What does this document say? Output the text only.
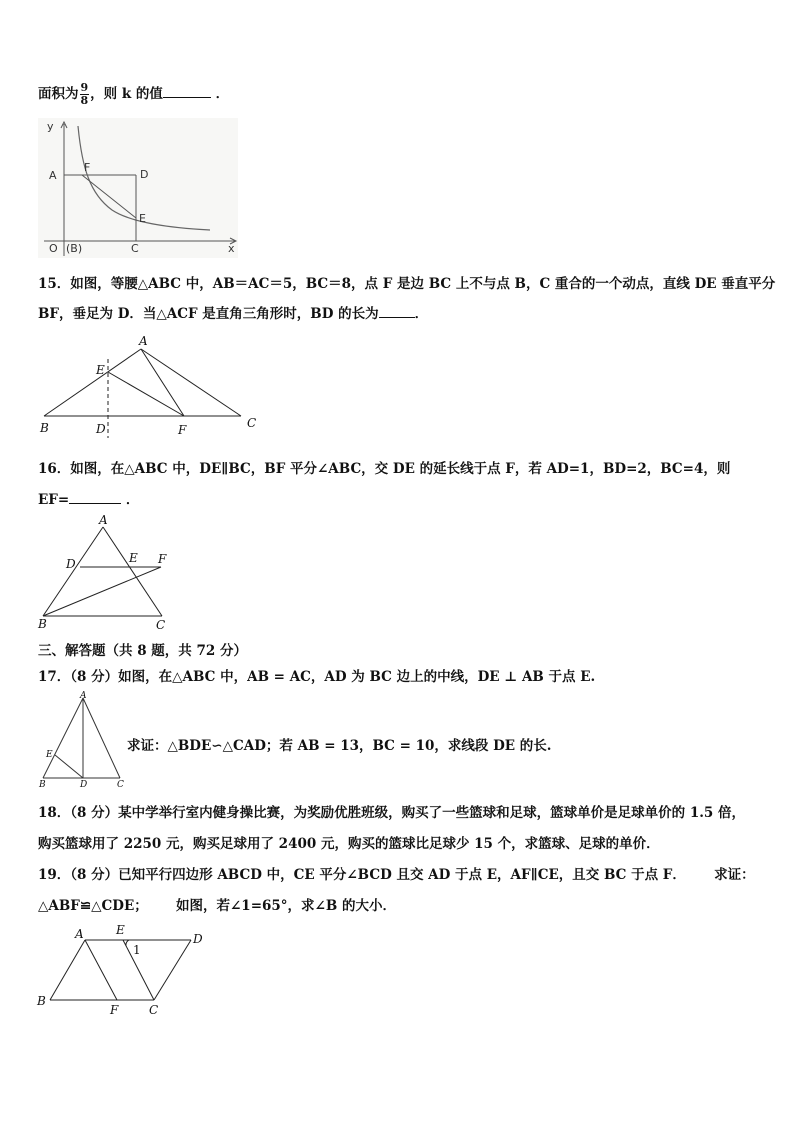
面积为 $\frac{9}{8}$ ，则 k 的值	．
y
A
F
D
E
O (B)	C	x
15．如图，等腰△ABC 中，AB＝AC＝5，BC＝8，点 F 是边 BC 上不与点 B，C 重合的一个动点，直线 DE 垂直平分
BF，垂足为 D．当△ACF 是直角三角形时，BD 的长为	．
A
E
B	D	F	C
16．如图，在△ABC 中，DE∥BC，BF 平分∠ABC，交 DE 的延长线于点 F，若 AD=1，BD=2，BC=4，则
EF=	．
A
D	E F
B	C
三、解答题（共 8 题，共 72 分）
17．（8 分）如图，在△ABC 中，AB = AC，AD 为 BC 边上的中线，DE ⊥ AB 于点 E.
A
E
B	D	C
求证：△BDE∽△CAD；若 AB = 13，BC = 10，求线段 DE 的长.
18．（8 分）某中学举行室内健身操比赛，为奖励优胜班级，购买了一些篮球和足球，篮球单价是足球单价的 1.5 倍，
购买篮球用了 2250 元，购买足球用了 2400 元，购买的篮球比足球少 15 个，求篮球、足球的单价．
19．（8 分）已知平行四边形 ABCD 中，CE 平分∠BCD 且交 AD 于点 E，AF∥CE，且交 BC 于点 F． 求证：
△ABF≌△CDE； 如图，若∠1=65°，求∠B 的大小．
A	E
D
1
B
F	C
